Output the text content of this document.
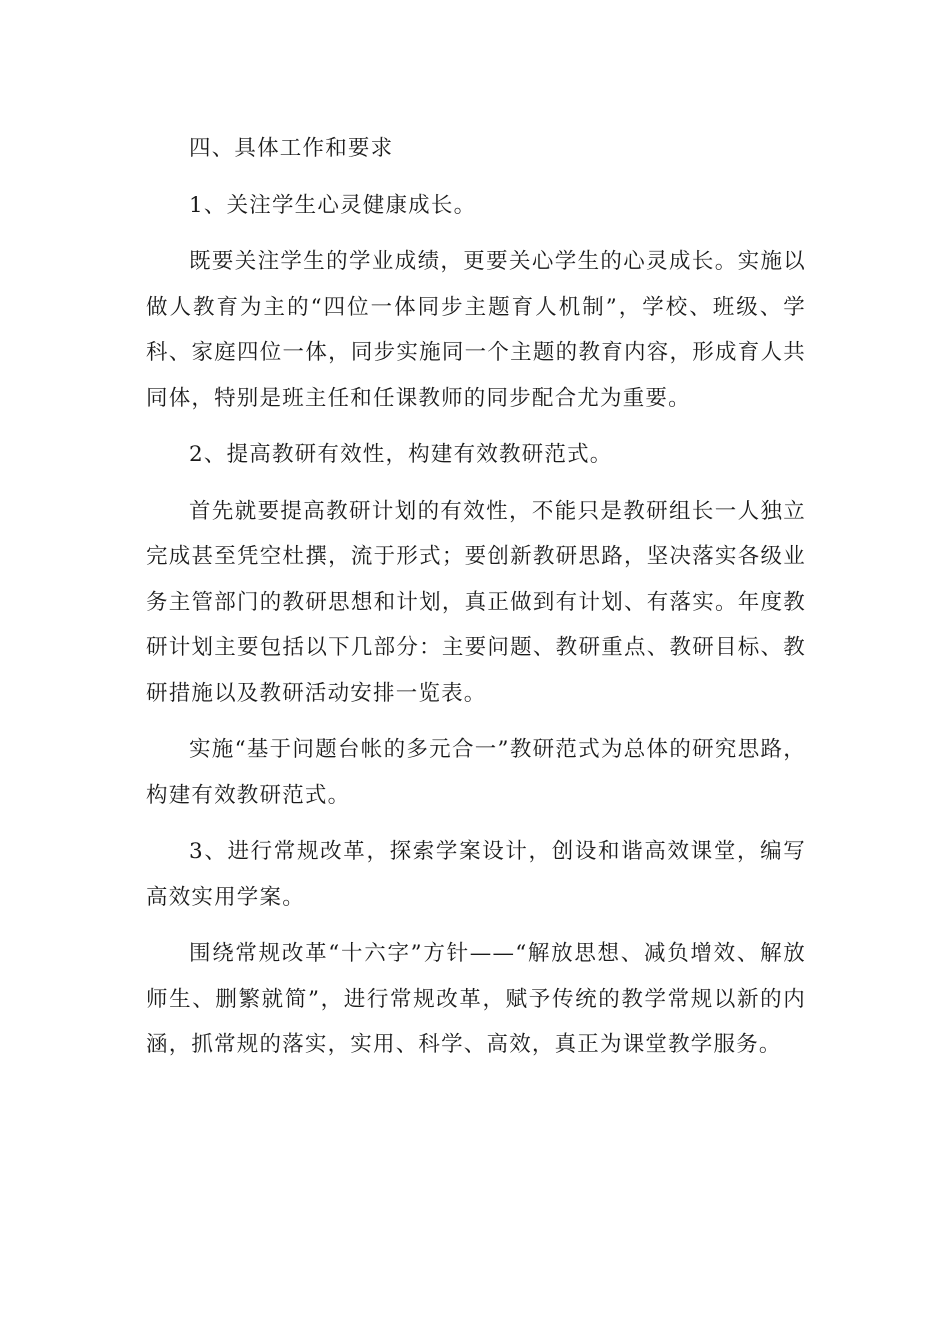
四、具体工作和要求

1、关注学生心灵健康成长。

既要关注学生的学业成绩，更要关心学生的心灵成长。实施以做人教育为主的“四位一体同步主题育人机制”，学校、班级、学科、家庭四位一体，同步实施同一个主题的教育内容，形成育人共同体，特别是班主任和任课教师的同步配合尤为重要。

2、提高教研有效性，构建有效教研范式。

首先就要提高教研计划的有效性，不能只是教研组长一人独立完成甚至凭空杜撰，流于形式；要创新教研思路，坚决落实各级业务主管部门的教研思想和计划，真正做到有计划、有落实。年度教研计划主要包括以下几部分：主要问题、教研重点、教研目标、教研措施以及教研活动安排一览表。

实施“基于问题台帐的多元合一”教研范式为总体的研究思路，构建有效教研范式。

3、进行常规改革，探索学案设计，创设和谐高效课堂，编写高效实用学案。

围绕常规改革“十六字”方针——“解放思想、减负增效、解放师生、删繁就简”，进行常规改革，赋予传统的教学常规以新的内涵，抓常规的落实，实用、科学、高效，真正为课堂教学服务。
